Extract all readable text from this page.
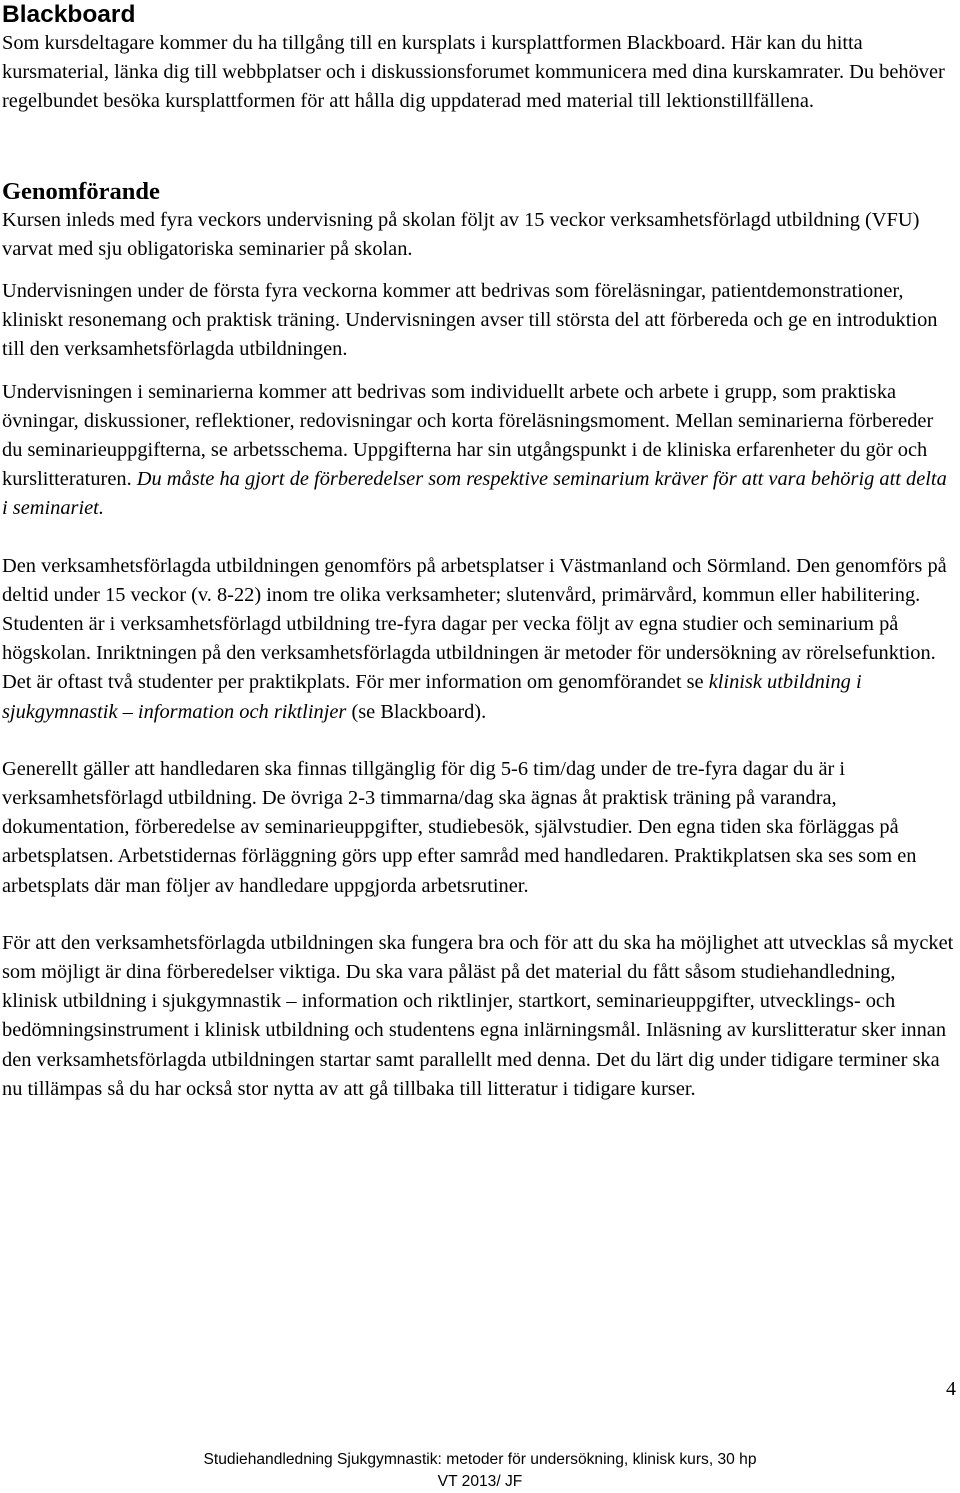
Blackboard

Som kursdeltagare kommer du ha tillgång till en kursplats i kursplattformen Blackboard. Här kan du hitta kursmaterial, länka dig till webbplatser och i diskussionsforumet kommunicera med dina kurskamrater. Du behöver regelbundet besöka kursplattformen för att hålla dig uppdaterad med material till lektionstillfällena.

Genomförande

Kursen inleds med fyra veckors undervisning på skolan följt av 15 veckor verksamhetsförlagd utbildning (VFU) varvat med sju obligatoriska seminarier på skolan.

Undervisningen under de första fyra veckorna kommer att bedrivas som föreläsningar, patientdemonstrationer, kliniskt resonemang och praktisk träning. Undervisningen avser till största del att förbereda och ge en introduktion till den verksamhetsförlagda utbildningen.

Undervisningen i seminarierna kommer att bedrivas som individuellt arbete och arbete i grupp, som praktiska övningar, diskussioner, reflektioner, redovisningar och korta föreläsningsmoment. Mellan seminarierna förbereder du seminarieuppgifterna, se arbetsschema. Uppgifterna har sin utgångspunkt i de kliniska erfarenheter du gör och kurslitteraturen. Du måste ha gjort de förberedelser som respektive seminarium kräver för att vara behörig att delta i seminariet.

Den verksamhetsförlagda utbildningen genomförs på arbetsplatser i Västmanland och Sörmland. Den genomförs på deltid under 15 veckor (v. 8-22) inom tre olika verksamheter; slutenvård, primärvård, kommun eller habilitering. Studenten är i verksamhetsförlagd utbildning tre-fyra dagar per vecka följt av egna studier och seminarium på högskolan. Inriktningen på den verksamhetsförlagda utbildningen är metoder för undersökning av rörelsefunktion. Det är oftast två studenter per praktikplats. För mer information om genomförandet se klinisk utbildning i sjukgymnastik – information och riktlinjer (se Blackboard).

Generellt gäller att handledaren ska finnas tillgänglig för dig 5-6 tim/dag under de tre-fyra dagar du är i verksamhetsförlagd utbildning. De övriga 2-3 timmarna/dag ska ägnas åt praktisk träning på varandra, dokumentation, förberedelse av seminarieuppgifter, studiebesök, självstudier. Den egna tiden ska förläggas på arbetsplatsen. Arbetstidernas förläggning görs upp efter samråd med handledaren. Praktikplatsen ska ses som en arbetsplats där man följer av handledare uppgjorda arbetsrutiner.

För att den verksamhetsförlagda utbildningen ska fungera bra och för att du ska ha möjlighet att utvecklas så mycket som möjligt är dina förberedelser viktiga. Du ska vara påläst på det material du fått såsom studiehandledning, klinisk utbildning i sjukgymnastik – information och riktlinjer, startkort, seminarieuppgifter, utvecklings- och bedömningsinstrument i klinisk utbildning och studentens egna inlärningsmål. Inläsning av kurslitteratur sker innan den verksamhetsförlagda utbildningen startar samt parallellt med denna. Det du lärt dig under tidigare terminer ska nu tillämpas så du har också stor nytta av att gå tillbaka till litteratur i tidigare kurser.

4
Studiehandledning Sjukgymnastik: metoder för undersökning, klinisk kurs, 30 hp
VT 2013/ JF
